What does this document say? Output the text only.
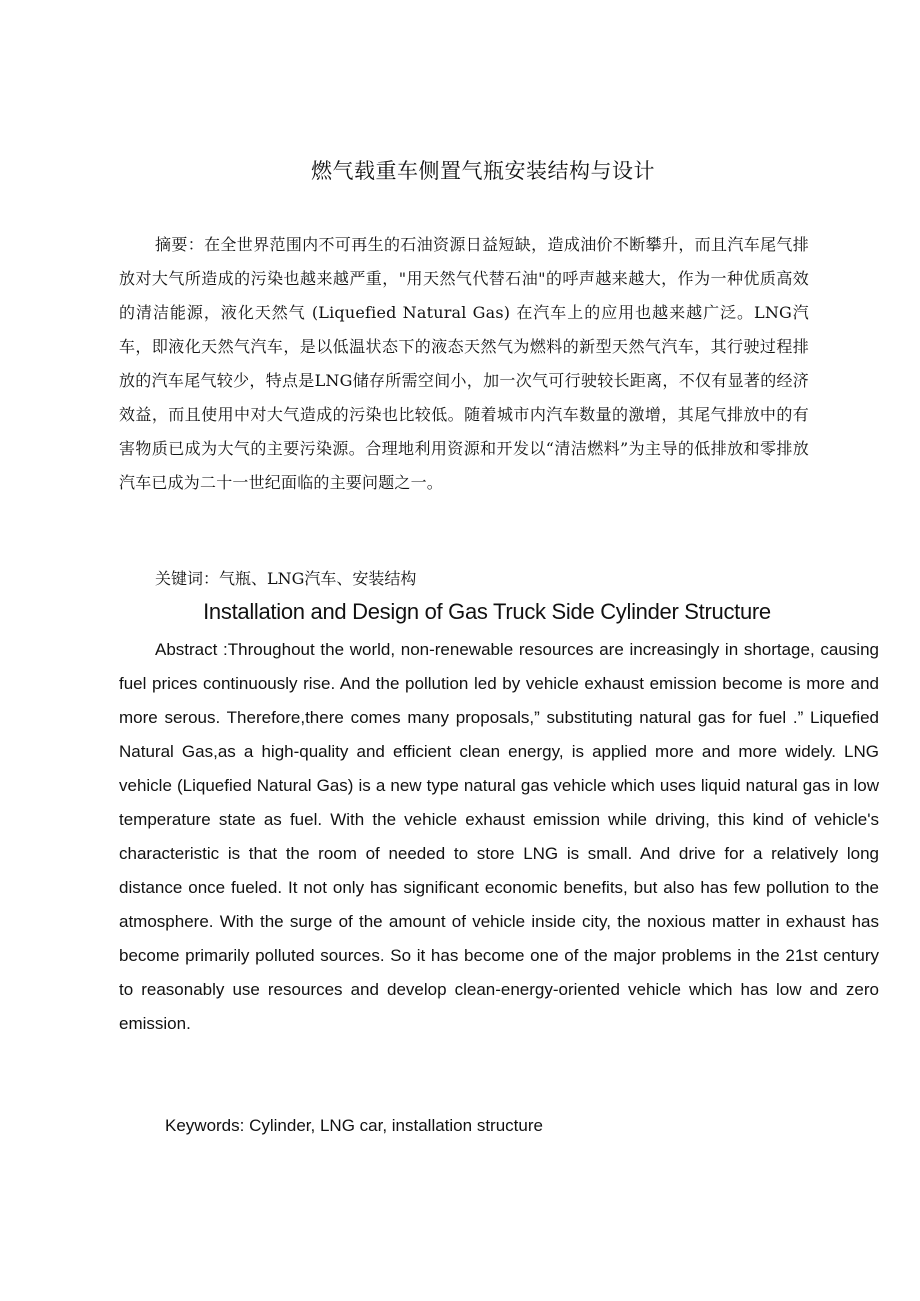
燃气载重车侧置气瓶安装结构与设计

摘要：在全世界范围内不可再生的石油资源日益短缺，造成油价不断攀升，而且汽车尾气排放对大气所造成的污染也越来越严重，"用天然气代替石油"的呼声越来越大，作为一种优质高效的清洁能源，液化天然气 (Liquefied Natural Gas) 在汽车上的应用也越来越广泛。LNG汽车，即液化天然气汽车，是以低温状态下的液态天然气为燃料的新型天然气汽车，其行驶过程排放的汽车尾气较少，特点是LNG储存所需空间小，加一次气可行驶较长距离，不仅有显著的经济效益，而且使用中对大气造成的污染也比较低。随着城市内汽车数量的激增，其尾气排放中的有害物质已成为大气的主要污染源。合理地利用资源和开发以“清洁燃料”为主导的低排放和零排放汽车已成为二十一世纪面临的主要问题之一。

关键词：气瓶、LNG汽车、安装结构

Installation and Design of Gas Truck Side Cylinder Structure

Abstract :Throughout the world, non-renewable resources are increasingly in shortage, causing fuel prices continuously rise. And the pollution led by vehicle exhaust emission become is more and more serous. Therefore,there comes many proposals,” substituting natural gas for fuel .” Liquefied Natural Gas,as a high-quality and efficient clean energy, is applied more and more widely. LNG vehicle (Liquefied Natural Gas) is a new type natural gas vehicle which uses liquid natural gas in low temperature state as fuel. With the vehicle exhaust emission while driving, this kind of vehicle's characteristic is that the room of needed to store LNG is small. And drive for a relatively long distance once fueled. It not only has significant economic benefits, but also has few pollution to the atmosphere. With the surge of the amount of vehicle inside city, the noxious matter in exhaust has become primarily polluted sources. So it has become one of the major problems in the 21st century to reasonably use resources and develop clean-energy-oriented vehicle which has low and zero emission.

Keywords: Cylinder, LNG car, installation structure
